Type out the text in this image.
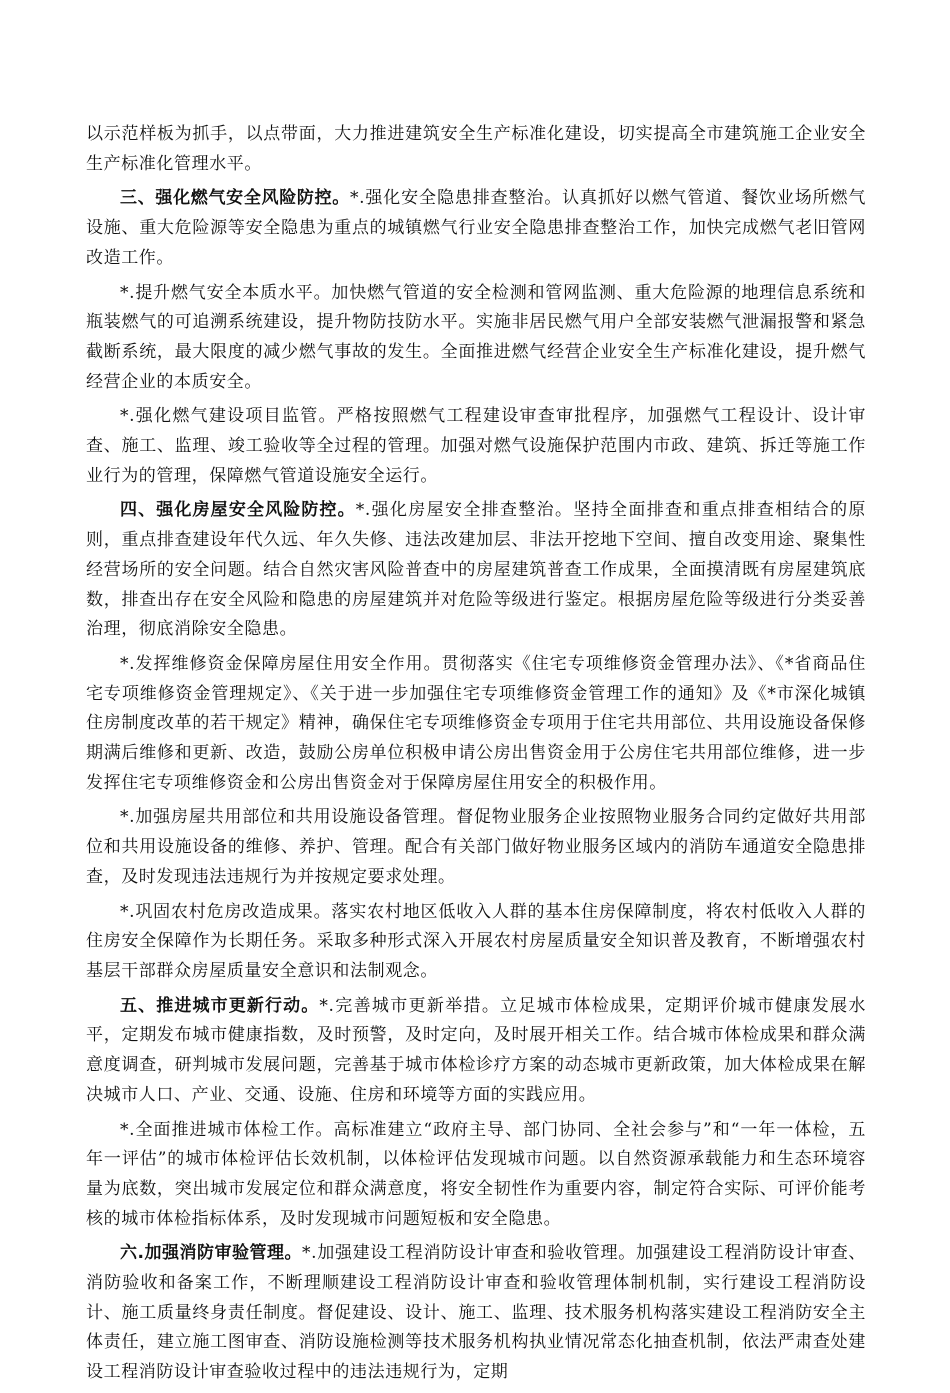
以示范样板为抓手，以点带面，大力推进建筑安全生产标准化建设，切实提高全市建筑施工企业安全生产标准化管理水平。

三、强化燃气安全风险防控。*.强化安全隐患排查整治。认真抓好以燃气管道、餐饮业场所燃气设施、重大危险源等安全隐患为重点的城镇燃气行业安全隐患排查整治工作，加快完成燃气老旧管网改造工作。

*.提升燃气安全本质水平。加快燃气管道的安全检测和管网监测、重大危险源的地理信息系统和瓶装燃气的可追溯系统建设，提升物防技防水平。实施非居民燃气用户全部安装燃气泄漏报警和紧急截断系统，最大限度的减少燃气事故的发生。全面推进燃气经营企业安全生产标准化建设，提升燃气经营企业的本质安全。

*.强化燃气建设项目监管。严格按照燃气工程建设审查审批程序，加强燃气工程设计、设计审查、施工、监理、竣工验收等全过程的管理。加强对燃气设施保护范围内市政、建筑、拆迁等施工作业行为的管理，保障燃气管道设施安全运行。

四、强化房屋安全风险防控。*.强化房屋安全排查整治。坚持全面排查和重点排查相结合的原则，重点排查建设年代久远、年久失修、违法改建加层、非法开挖地下空间、擅自改变用途、聚集性经营场所的安全问题。结合自然灾害风险普查中的房屋建筑普查工作成果，全面摸清既有房屋建筑底数，排查出存在安全风险和隐患的房屋建筑并对危险等级进行鉴定。根据房屋危险等级进行分类妥善治理，彻底消除安全隐患。

*.发挥维修资金保障房屋住用安全作用。贯彻落实《住宅专项维修资金管理办法》、《*省商品住宅专项维修资金管理规定》、《关于进一步加强住宅专项维修资金管理工作的通知》及《*市深化城镇住房制度改革的若干规定》精神，确保住宅专项维修资金专项用于住宅共用部位、共用设施设备保修期满后维修和更新、改造，鼓励公房单位积极申请公房出售资金用于公房住宅共用部位维修，进一步发挥住宅专项维修资金和公房出售资金对于保障房屋住用安全的积极作用。

*.加强房屋共用部位和共用设施设备管理。督促物业服务企业按照物业服务合同约定做好共用部位和共用设施设备的维修、养护、管理。配合有关部门做好物业服务区域内的消防车通道安全隐患排查，及时发现违法违规行为并按规定要求处理。

*.巩固农村危房改造成果。落实农村地区低收入人群的基本住房保障制度，将农村低收入人群的住房安全保障作为长期任务。采取多种形式深入开展农村房屋质量安全知识普及教育，不断增强农村基层干部群众房屋质量安全意识和法制观念。

五、推进城市更新行动。*.完善城市更新举措。立足城市体检成果，定期评价城市健康发展水平，定期发布城市健康指数，及时预警，及时定向，及时展开相关工作。结合城市体检成果和群众满意度调查，研判城市发展问题，完善基于城市体检诊疗方案的动态城市更新政策，加大体检成果在解决城市人口、产业、交通、设施、住房和环境等方面的实践应用。

*.全面推进城市体检工作。高标准建立“政府主导、部门协同、全社会参与”和“一年一体检，五年一评估”的城市体检评估长效机制，以体检评估发现城市问题。以自然资源承载能力和生态环境容量为底数，突出城市发展定位和群众满意度，将安全韧性作为重要内容，制定符合实际、可评价能考核的城市体检指标体系，及时发现城市问题短板和安全隐患。

六.加强消防审验管理。*.加强建设工程消防设计审查和验收管理。加强建设工程消防设计审查、消防验收和备案工作，不断理顺建设工程消防设计审查和验收管理体制机制，实行建设工程消防设计、施工质量终身责任制度。督促建设、设计、施工、监理、技术服务机构落实建设工程消防安全主体责任，建立施工图审查、消防设施检测等技术服务机构执业情况常态化抽查机制，依法严肃查处建设工程消防设计审查验收过程中的违法违规行为，定期
